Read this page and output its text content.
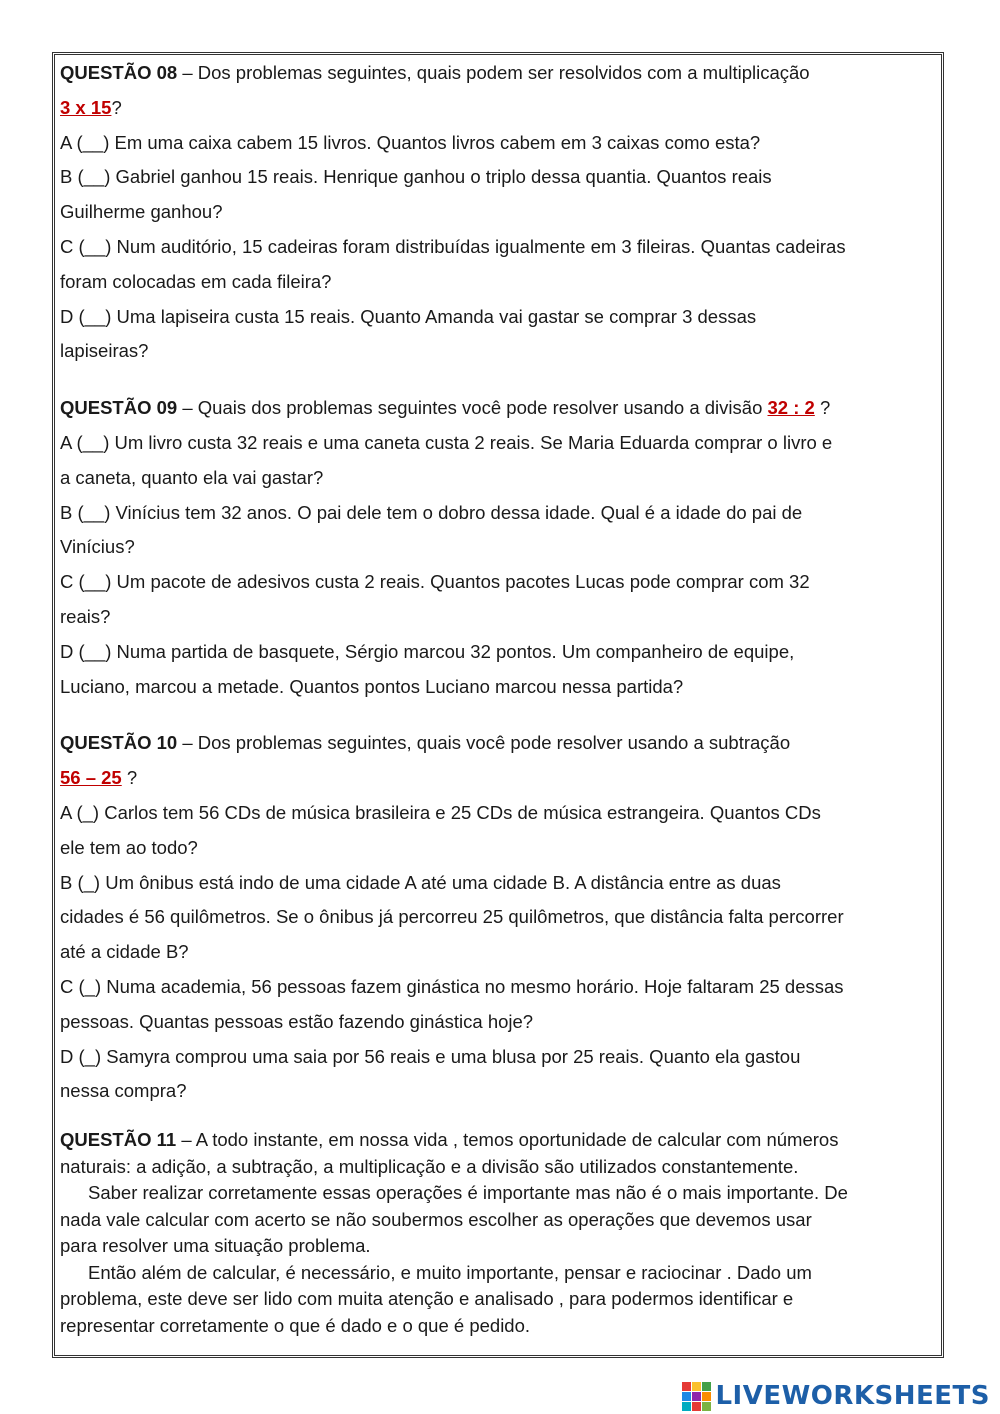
QUESTÃO 08 – Dos problemas seguintes, quais podem ser resolvidos com a multiplicação
3 x 15?
A (__) Em uma caixa cabem 15 livros. Quantos livros cabem em 3 caixas como esta?
B (__) Gabriel ganhou 15 reais. Henrique ganhou o triplo dessa quantia. Quantos reais
Guilherme ganhou?
C (__) Num auditório, 15 cadeiras foram distribuídas igualmente em 3 fileiras. Quantas cadeiras
foram colocadas em cada fileira?
D (__) Uma lapiseira custa 15 reais. Quanto Amanda vai gastar se comprar 3 dessas
lapiseiras?
QUESTÃO 09 – Quais dos problemas seguintes você pode resolver usando a divisão 32 : 2 ?
A (__) Um livro custa 32 reais e uma caneta custa 2 reais. Se Maria Eduarda comprar o livro e
a caneta, quanto ela vai gastar?
B (__) Vinícius tem 32 anos. O pai dele tem o dobro dessa idade. Qual é a idade do pai de
Vinícius?
C (__) Um pacote de adesivos custa 2 reais. Quantos pacotes Lucas pode comprar com 32
reais?
D (__) Numa partida de basquete, Sérgio marcou 32 pontos. Um companheiro de equipe,
Luciano, marcou a metade. Quantos pontos Luciano marcou nessa partida?
QUESTÃO 10 – Dos problemas seguintes, quais você pode resolver usando a subtração
56 – 25 ?
A (_) Carlos tem 56 CDs de música brasileira e 25 CDs de música estrangeira. Quantos CDs
ele tem ao todo?
B (_) Um ônibus está indo de uma cidade A até uma cidade B. A distância entre as duas
cidades é 56 quilômetros. Se o ônibus já percorreu 25 quilômetros, que distância falta percorrer
até a cidade B?
C (_) Numa academia, 56 pessoas fazem ginástica no mesmo horário. Hoje faltaram 25 dessas
pessoas. Quantas pessoas estão fazendo ginástica hoje?
D (_) Samyra comprou uma saia por 56 reais e uma blusa por 25 reais. Quanto ela gastou
nessa compra?
QUESTÃO 11 – A todo instante, em nossa vida , temos oportunidade de calcular com números
naturais: a adição, a subtração, a multiplicação e a divisão são utilizados constantemente.
Saber realizar corretamente essas operações é importante mas não é o mais importante. De
nada vale calcular com acerto se não soubermos escolher as operações que devemos usar
para resolver uma situação problema.
Então além de calcular, é necessário, e muito importante, pensar e raciocinar . Dado um
problema, este deve ser lido com muita atenção e analisado , para podermos identificar e
representar corretamente o que é dado e o que é pedido.
LIVEWORKSHEETS
